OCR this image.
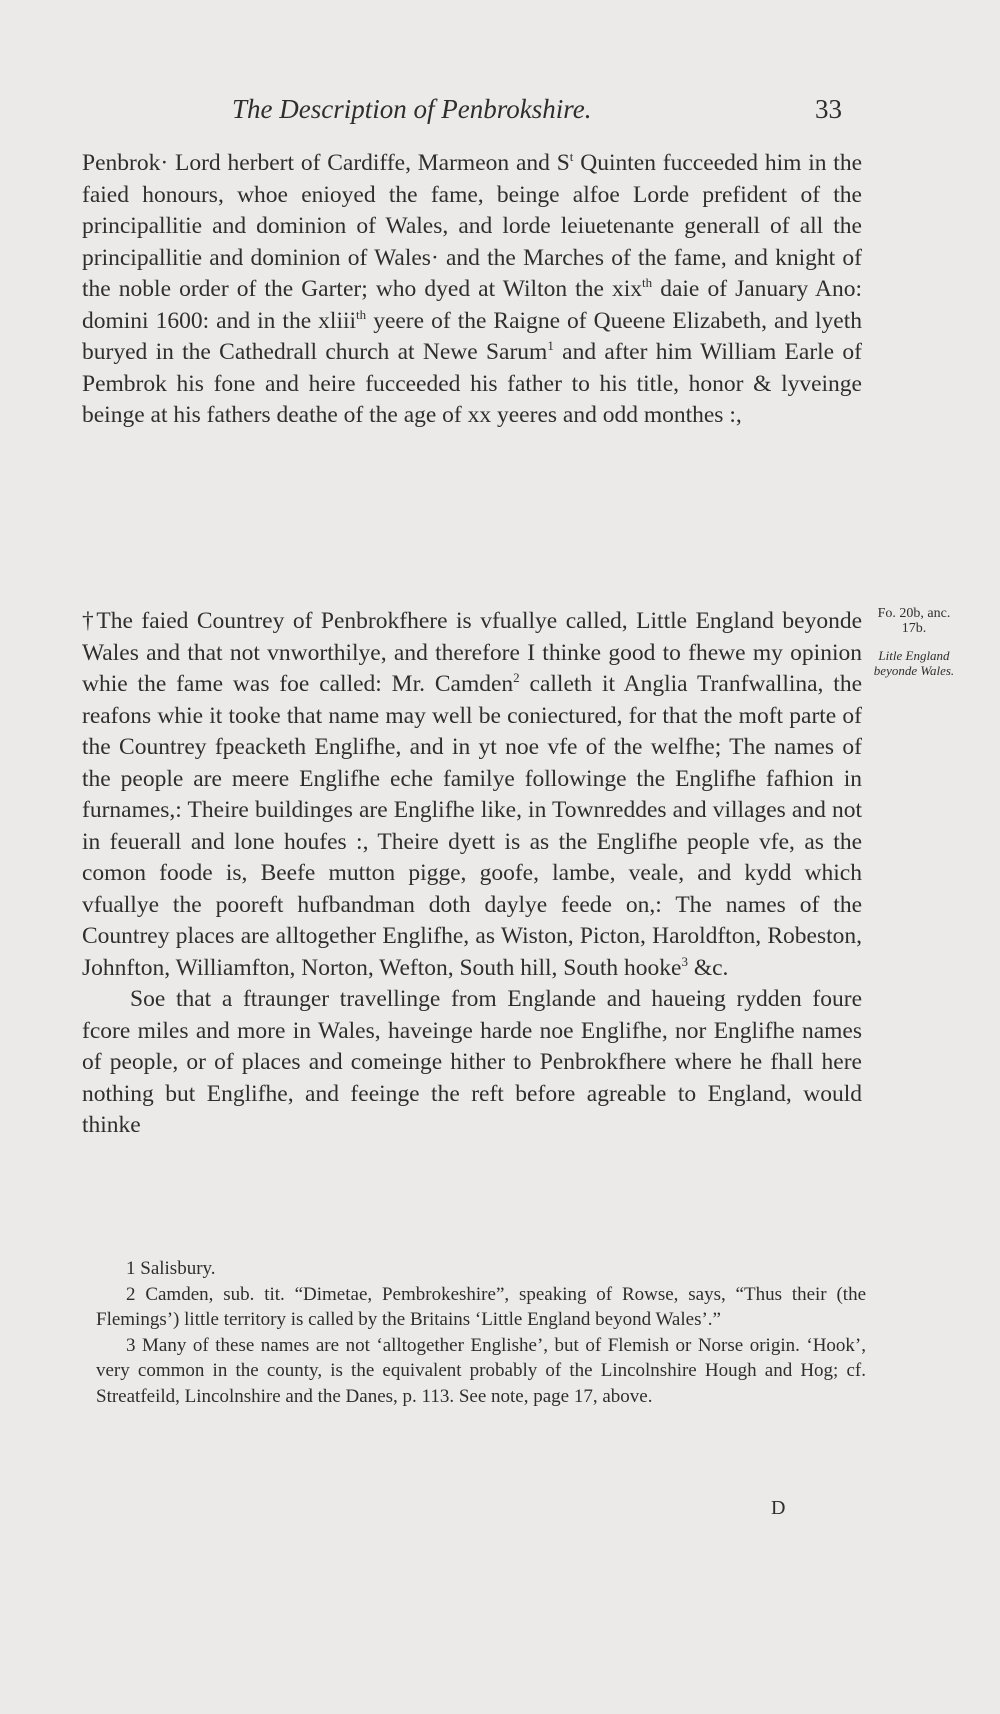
The Description of Penbrokshire.	33

Penbrok· Lord herbert of Cardiffe, Marmeon and $S^t$ Quinten fucceeded him in the faied honours, whoe enioyed the fame, beinge alfoe Lorde prefident of the principallitie and dominion of Wales, and lorde leiuetenante generall of all the principallitie and dominion of Wales· and the Marches of the fame, and knight of the noble order of the Garter; who dyed at Wilton the xix$^{th}$ daie of January Ano: domini 1600: and in the xliii$^{th}$ yeere of the Raigne of Queene Elizabeth, and lyeth buryed in the Cathedrall church at Newe Sarum$^1$ and after him William Earle of Pembrok his fone and heire fucceeded his father to his title, honor & lyveinge beinge at his fathers deathe of the age of xx yeeres and odd monthes :,

Fo. 20b, anc. 17b.
Litle England beyonde Wales.

†The faied Countrey of Penbrokfhere is vfuallye called, Little England beyonde Wales and that not vnworthilye, and therefore I thinke good to fhewe my opinion whie the fame was foe called: Mr. Camden$^2$ calleth it Anglia Tranfwallina, the reafons whie it tooke that name may well be coniectured, for that the moft parte of the Countrey fpeacketh Englifhe, and in yt noe vfe of the welfhe; The names of the people are meere Englifhe eche familye followinge the Englifhe fafhion in furnames,: Theire buildinges are Englifhe like, in Townreddes and villages and not in feuerall and lone houfes :, Theire dyett is as the Englifhe people vfe, as the comon foode is, Beefe mutton pigge, goofe, lambe, veale, and kydd which vfuallye the pooreft hufbandman doth daylye feede on,: The names of the Countrey places are alltogether Englifhe, as Wiston, Picton, Haroldfton, Robeston, Johnfton, Williamfton, Norton, Wefton, South hill, South hooke$^3$ &c.

Soe that a ftraunger travellinge from Englande and haueing rydden foure fcore miles and more in Wales, haveinge harde noe Englifhe, nor Englifhe names of people, or of places and comeinge hither to Penbrokfhere where he fhall here nothing but Englifhe, and feeinge the reft before agreable to England, would thinke

1 Salisbury.

2 Camden, sub. tit. “Dimetae, Pembrokeshire”, speaking of Rowse, says, “Thus their (the Flemings’) little territory is called by the Britains ‘Little England beyond Wales’.”

3 Many of these names are not ‘alltogether Englishe’, but of Flemish or Norse origin. ‘Hook’, very common in the county, is the equivalent probably of the Lincolnshire Hough and Hog; cf. Streatfeild, Lincolnshire and the Danes, p. 113. See note, page 17, above.

D
